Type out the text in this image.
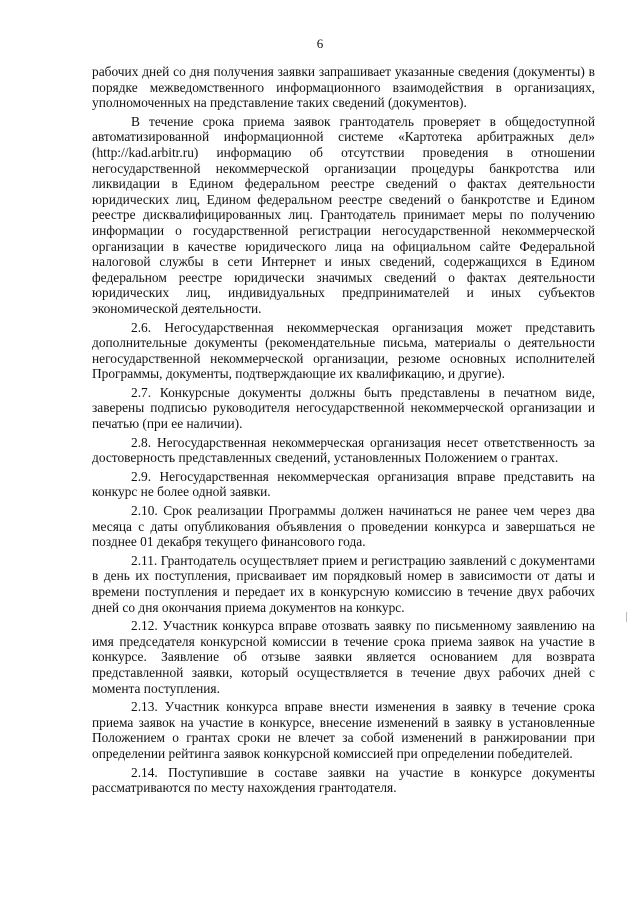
6

рабочих дней со дня получения заявки запрашивает указанные сведения (документы) в порядке межведомственного информационного взаимодействия в организациях, уполномоченных на представление таких сведений (документов).

В течение срока приема заявок грантодатель проверяет в общедоступной автоматизированной информационной системе «Картотека арбитражных дел» (http://kad.arbitr.ru) информацию об отсутствии проведения в отношении негосударственной некоммерческой организации процедуры банкротства или ликвидации в Едином федеральном реестре сведений о фактах деятельности юридических лиц, Едином федеральном реестре сведений о банкротстве и Едином реестре дисквалифицированных лиц. Грантодатель принимает меры по получению информации о государственной регистрации негосударственной некоммерческой организации в качестве юридического лица на официальном сайте Федеральной налоговой службы в сети Интернет и иных сведений, содержащихся в Едином федеральном реестре юридически значимых сведений о фактах деятельности юридических лиц, индивидуальных предпринимателей и иных субъектов экономической деятельности.

2.6. Негосударственная некоммерческая организация может представить дополнительные документы (рекомендательные письма, материалы о деятельности негосударственной некоммерческой организации, резюме основных исполнителей Программы, документы, подтверждающие их квалификацию, и другие).

2.7. Конкурсные документы должны быть представлены в печатном виде, заверены подписью руководителя негосударственной некоммерческой организации и печатью (при ее наличии).

2.8. Негосударственная некоммерческая организация несет ответственность за достоверность представленных сведений, установленных Положением о грантах.

2.9. Негосударственная некоммерческая организация вправе представить на конкурс не более одной заявки.

2.10. Срок реализации Программы должен начинаться не ранее чем через два месяца с даты опубликования объявления о проведении конкурса и завершаться не позднее 01 декабря текущего финансового года.

2.11. Грантодатель осуществляет прием и регистрацию заявлений с документами в день их поступления, присваивает им порядковый номер в зависимости от даты и времени поступления и передает их в конкурсную комиссию в течение двух рабочих дней со дня окончания приема документов на конкурс.

2.12. Участник конкурса вправе отозвать заявку по письменному заявлению на имя председателя конкурсной комиссии в течение срока приема заявок на участие в конкурсе. Заявление об отзыве заявки является основанием для возврата представленной заявки, который осуществляется в течение двух рабочих дней с момента поступления.

2.13. Участник конкурса вправе внести изменения в заявку в течение срока приема заявок на участие в конкурсе, внесение изменений в заявку в установленные Положением о грантах сроки не влечет за собой изменений в ранжировании при определении рейтинга заявок конкурсной комиссией при определении победителей.

2.14. Поступившие в составе заявки на участие в конкурсе документы рассматриваются по месту нахождения грантодателя.
